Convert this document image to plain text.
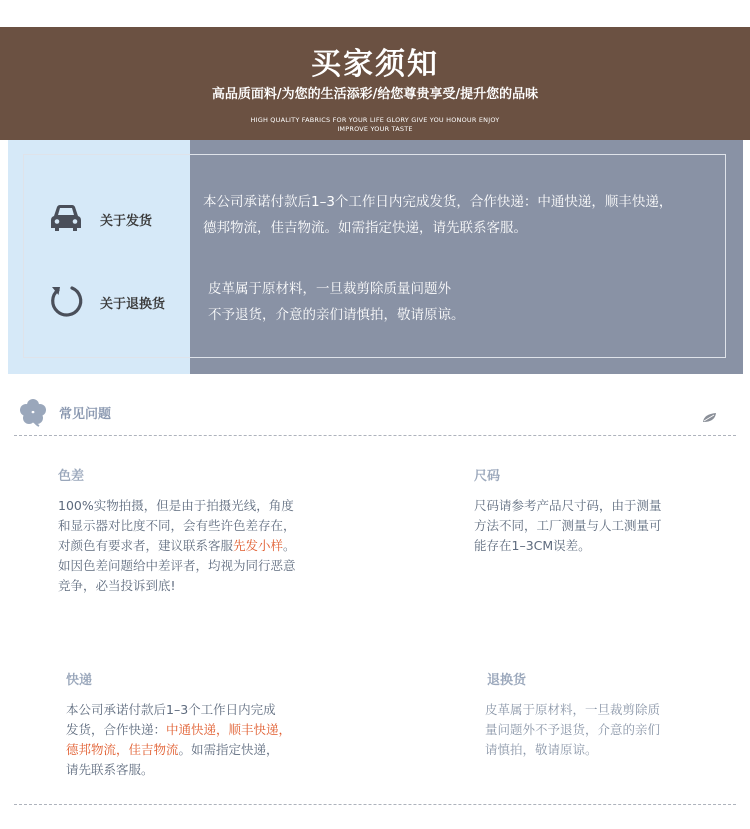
买家须知
高品质面料/为您的生活添彩/给您尊贵享受/提升您的品味
HIGH QUALITY FABRICS FOR YOUR LIFE GLORY GIVE YOU HONOUR ENJOY
IMPROVE YOUR TASTE
关于发货
本公司承诺付款后1–3个工作日内完成发货，合作快递：中通快递，顺丰快递，
德邦物流，佳吉物流。如需指定快递，请先联系客服。
关于退换货
皮革属于原材料，一旦裁剪除质量问题外
不予退货，介意的亲们请慎拍，敬请原谅。
常见问题
色差
100%实物拍摄，但是由于拍摄光线，角度
和显示器对比度不同，会有些许色差存在，
对颜色有要求者，建议联系客服先发小样。
如因色差问题给中差评者，均视为同行恶意
竞争，必当投诉到底!
尺码
尺码请参考产品尺寸码，由于测量
方法不同，工厂测量与人工测量可
能存在1–3CM误差。
快递
本公司承诺付款后1–3个工作日内完成
发货，合作快递：中通快递，顺丰快递，
德邦物流，佳吉物流。如需指定快递，
请先联系客服。
退换货
皮革属于原材料，一旦裁剪除质
量问题外不予退货，介意的亲们
请慎拍，敬请原谅。
